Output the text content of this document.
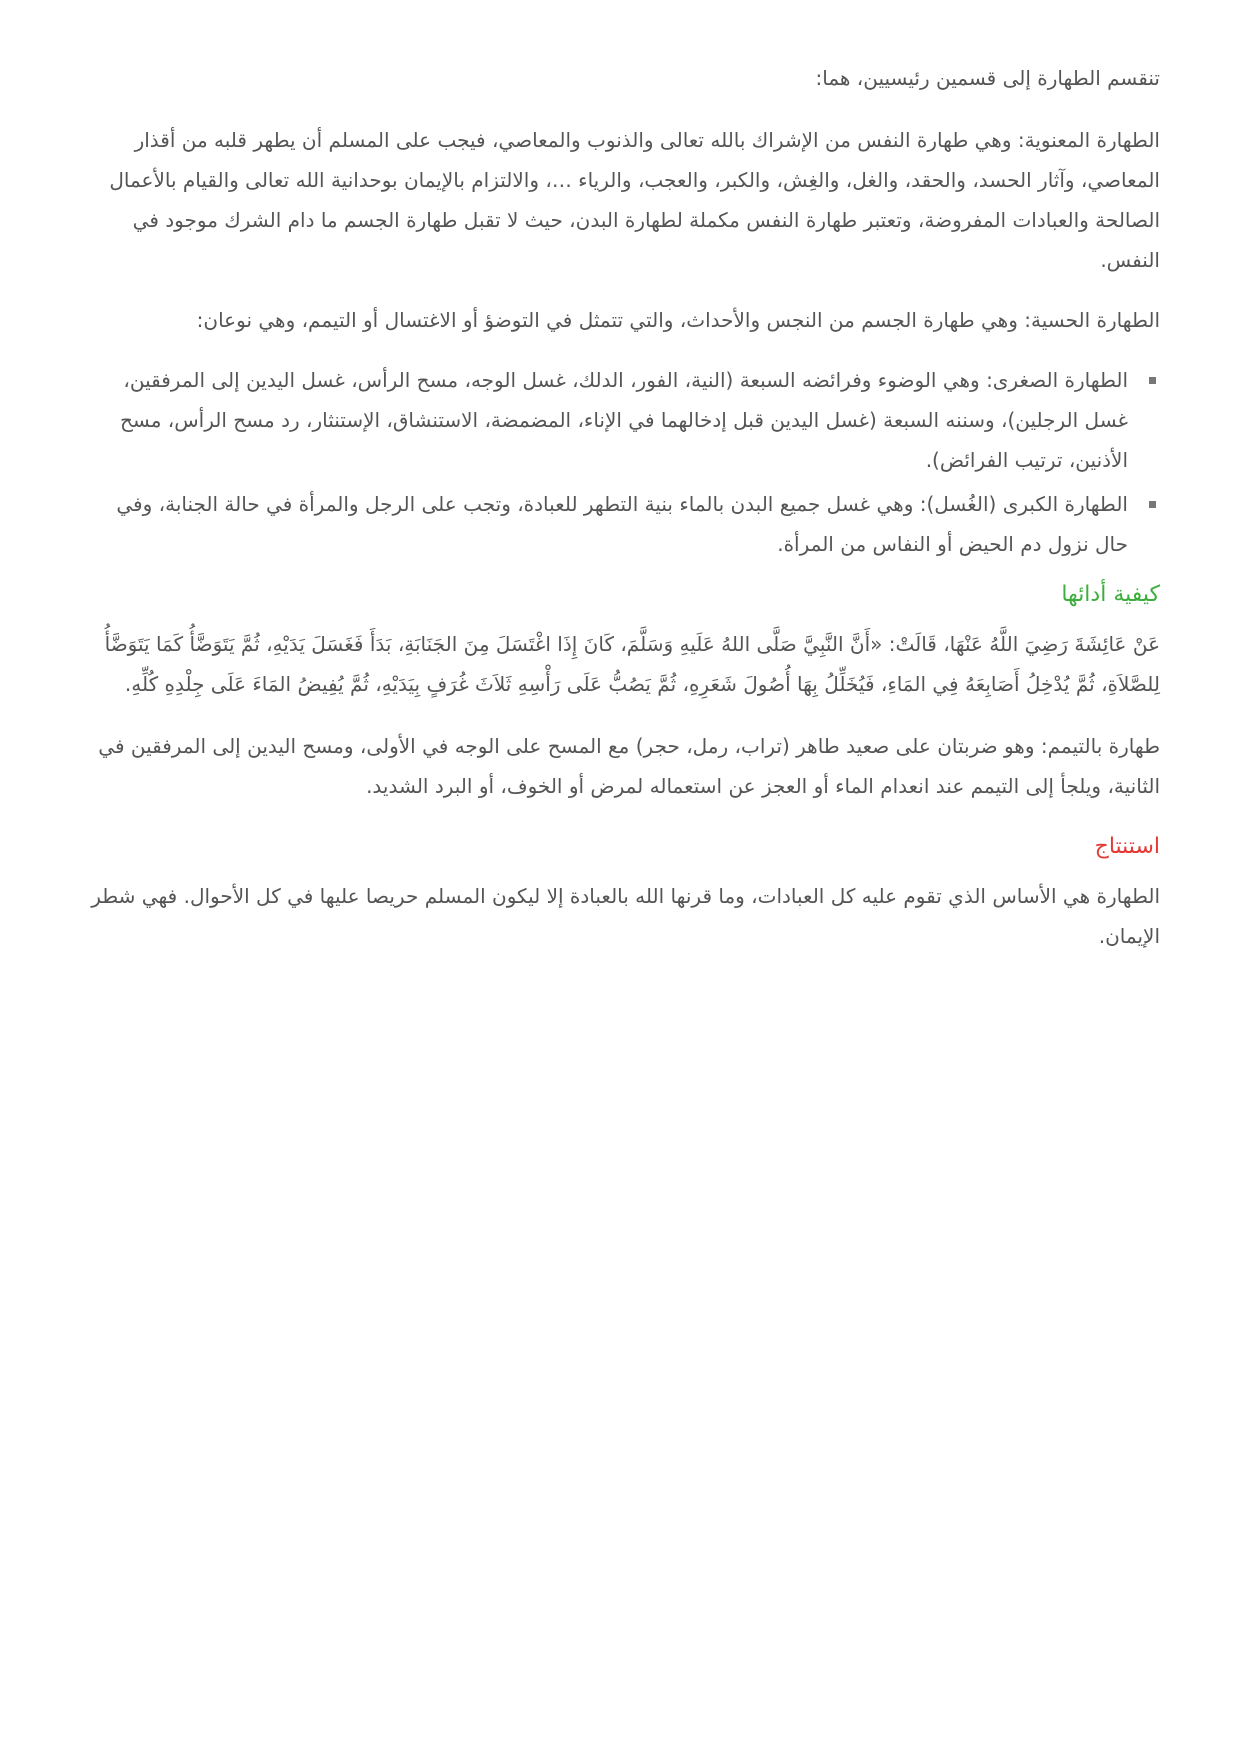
تنقسم الطهارة إلى قسمين رئيسيين، هما:

الطهارة المعنوية: وهي طهارة النفس من الإشراك بالله تعالى والذنوب والمعاصي، فيجب على المسلم أن يطهر قلبه من أقذار المعاصي، وآثار الحسد، والحقد، والغل، والغِش، والكبر، والعجب، والرياء …، والالتزام بالإيمان بوحدانية الله تعالى والقيام بالأعمال الصالحة والعبادات المفروضة، وتعتبر طهارة النفس مكملة لطهارة البدن، حيث لا تقبل طهارة الجسم ما دام الشرك موجود في النفس.

الطهارة الحسية: وهي طهارة الجسم من النجس والأحداث، والتي تتمثل في التوضؤ أو الاغتسال أو التيمم، وهي نوعان:

الطهارة الصغرى: وهي الوضوء وفرائضه السبعة (النية، الفور، الدلك، غسل الوجه، مسح الرأس، غسل اليدين إلى المرفقين، غسل الرجلين)، وسننه السبعة (غسل اليدين قبل إدخالهما في الإناء، المضمضة، الاستنشاق، الإستنثار، رد مسح الرأس، مسح الأذنين، ترتيب الفرائض).
الطهارة الكبرى (الغُسل): وهي غسل جميع البدن بالماء بنية التطهر للعبادة، وتجب على الرجل والمرأة في حالة الجنابة، وفي حال نزول دم الحيض أو النفاس من المرأة.
كيفية أدائها

عَنْ عَائِشَةَ رَضِيَ اللَّهُ عَنْهَا، قَالَتْ: «أَنَّ النَّبِيَّ صَلَّى اللهُ عَلَيهِ وَسَلَّمَ، كَانَ إِذَا اغْتَسَلَ مِنَ الجَنَابَةِ، بَدَأَ فَغَسَلَ يَدَيْهِ، ثُمَّ يَتَوَضَّأُ كَمَا يَتَوَضَّأُ لِلصَّلاَةِ، ثُمَّ يُدْخِلُ أَصَابِعَهُ فِي المَاءِ، فَيُخَلِّلُ بِهَا أُصُولَ شَعَرِهِ، ثُمَّ يَصُبُّ عَلَى رَأْسِهِ ثَلاَثَ غُرَفٍ بِيَدَيْهِ، ثُمَّ يُفِيضُ المَاءَ عَلَى جِلْدِهِ كُلِّهِ.

طهارة بالتيمم: وهو ضربتان على صعيد طاهر (تراب، رمل، حجر) مع المسح على الوجه في الأولى، ومسح اليدين إلى المرفقين في الثانية، ويلجأ إلى التيمم عند انعدام الماء أو العجز عن استعماله لمرض أو الخوف، أو البرد الشديد.

استنتاج

الطهارة هي الأساس الذي تقوم عليه كل العبادات، وما قرنها الله بالعبادة إلا ليكون المسلم حريصا عليها في كل الأحوال. فهي شطر الإيمان.
